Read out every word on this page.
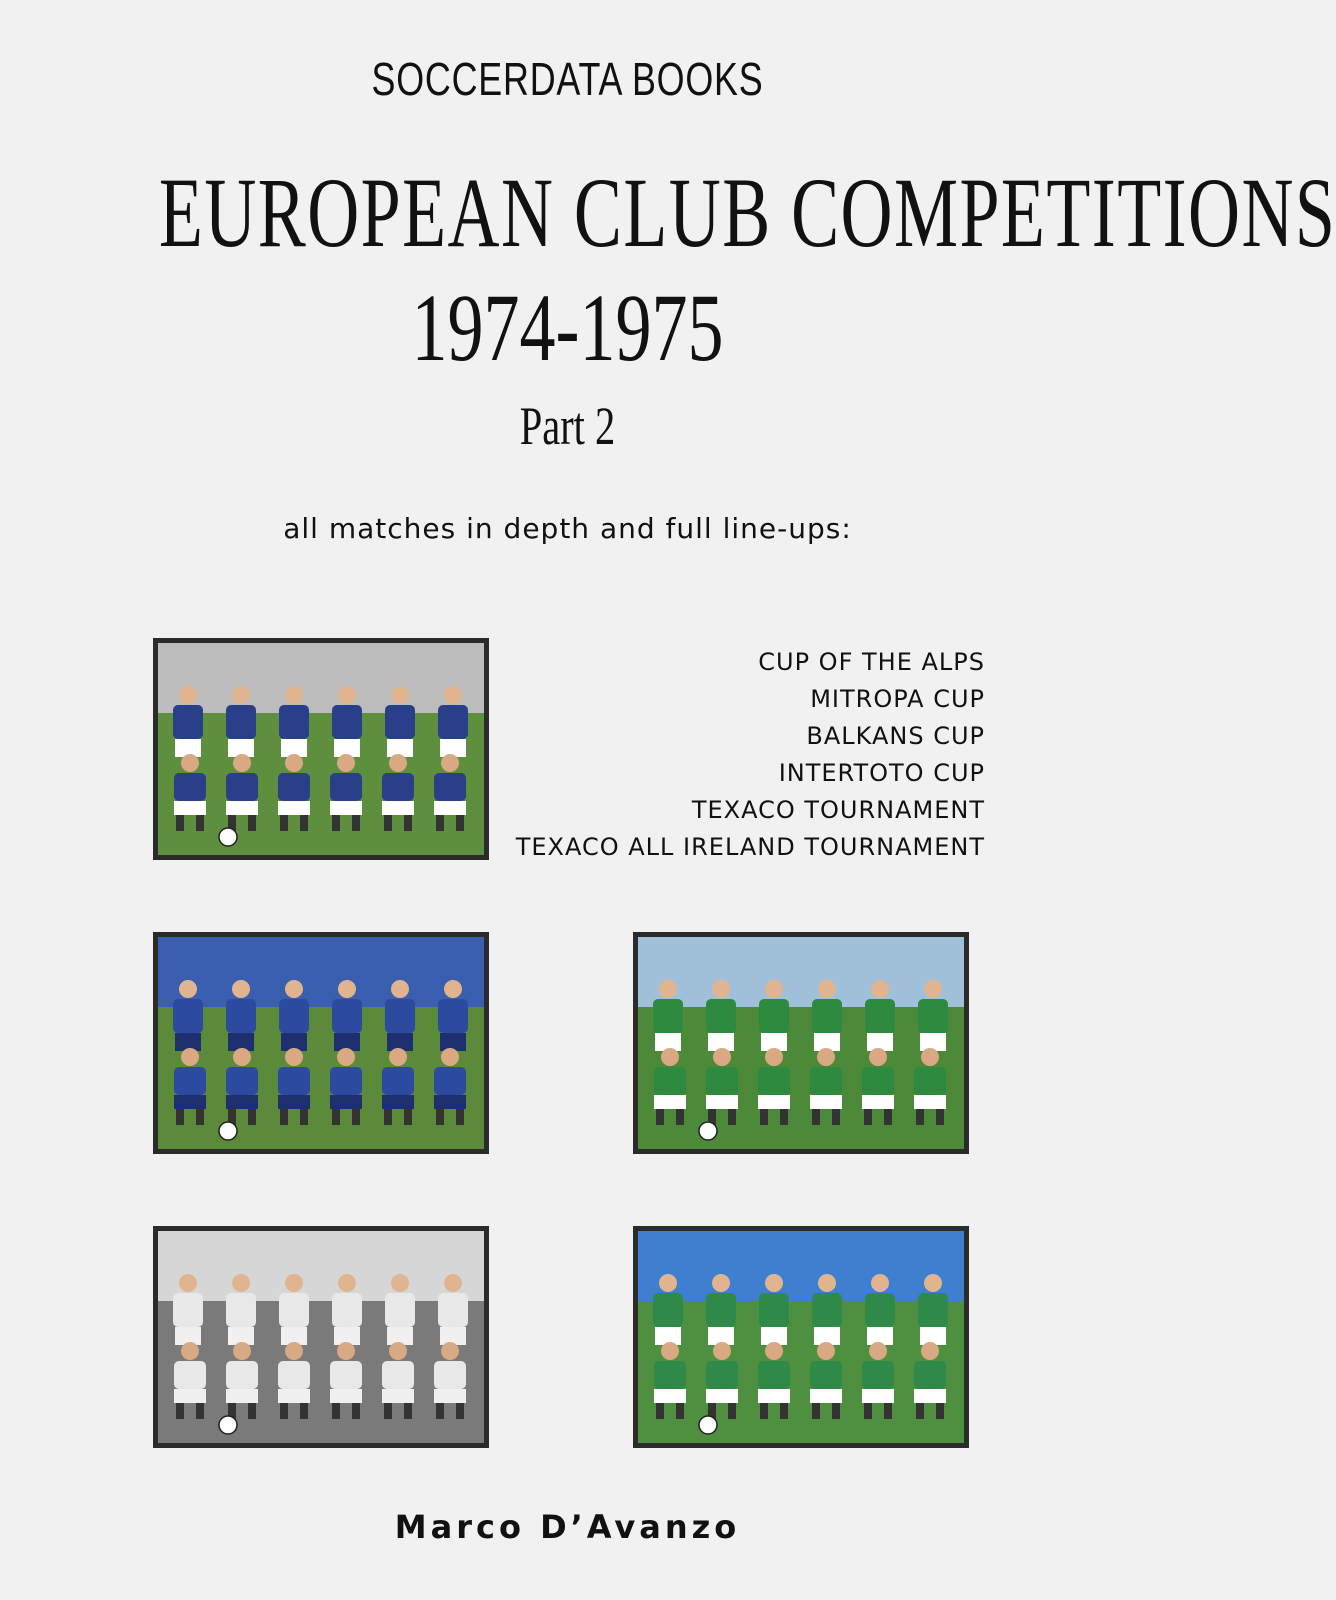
SOCCERDATA BOOKS
EUROPEAN CLUB COMPETITIONS
1974-1975
Part 2
all matches in depth and full line-ups:
CUP OF THE ALPS
MITROPA CUP
BALKANS CUP
INTERTOTO CUP
TEXACO TOURNAMENT
TEXACO ALL IRELAND TOURNAMENT
Marco D’Avanzo
